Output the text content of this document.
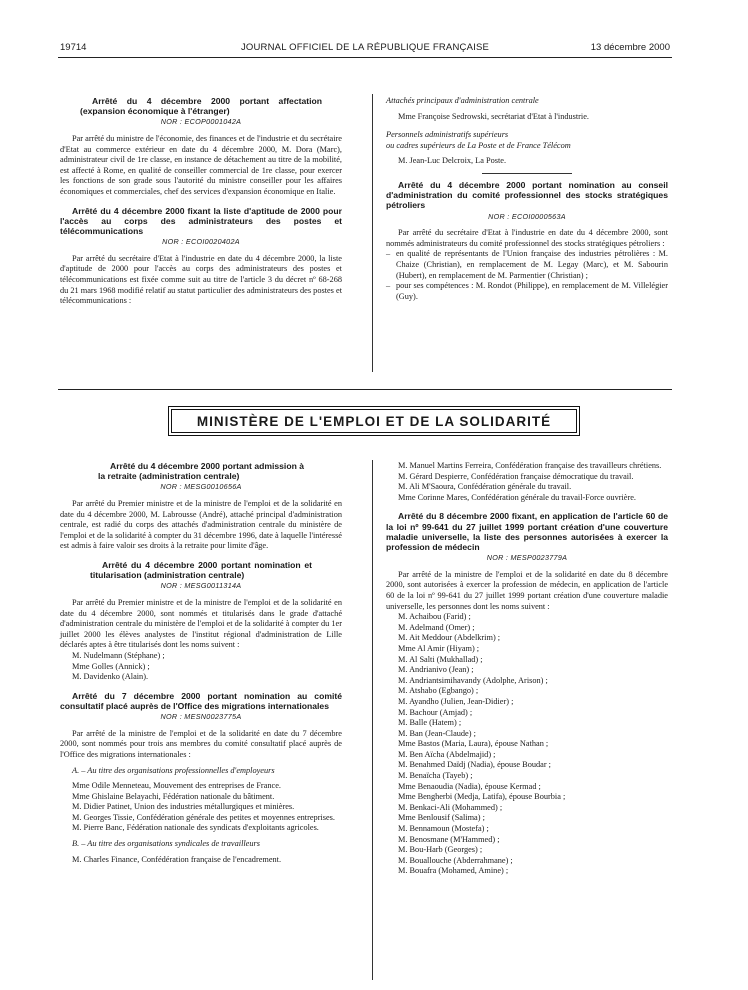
19714	JOURNAL OFFICIEL DE LA RÉPUBLIQUE FRANÇAISE	13 décembre 2000

Arrêté du 4 décembre 2000 portant affectation (expansion économique à l'étranger)

NOR : ECOP0001042A

Par arrêté du ministre de l'économie, des finances et de l'industrie et du secrétaire d'Etat au commerce extérieur en date du 4 décembre 2000, M. Dora (Marc), administrateur civil de 1re classe, en instance de détachement au titre de la mobilité, est affecté à Rome, en qualité de conseiller commercial de 1re classe, pour exercer les fonctions de son grade sous l'autorité du ministre conseiller pour les affaires économiques et commerciales, chef des services d'expansion économique en Italie.

Arrêté du 4 décembre 2000 fixant la liste d'aptitude de 2000 pour l'accès au corps des administrateurs des postes et télécommunications

NOR : ECOI0020402A

Par arrêté du secrétaire d'Etat à l'industrie en date du 4 décembre 2000, la liste d'aptitude de 2000 pour l'accès au corps des administrateurs des postes et télécommunications est fixée comme suit au titre de l'article 3 du décret nº 68-268 du 21 mars 1968 modifié relatif au statut particulier des administrateurs des postes et télécommunications :

Attachés principaux d'administration centrale

Mme Françoise Sedrowski, secrétariat d'Etat à l'industrie.

Personnels administratifs supérieurs

ou cadres supérieurs de La Poste et de France Télécom

M. Jean-Luc Delcroix, La Poste.

Arrêté du 4 décembre 2000 portant nomination au conseil d'administration du comité professionnel des stocks stratégiques pétroliers

NOR : ECOI0000563A

Par arrêté du secrétaire d'Etat à l'industrie en date du 4 décembre 2000, sont nommés administrateurs du comité professionnel des stocks stratégiques pétroliers :

– en qualité de représentants de l'Union française des industries pétrolières : M. Chaize (Christian), en remplacement de M. Legay (Marc), et M. Sabourin (Hubert), en remplacement de M. Parmentier (Christian) ;

– pour ses compétences : M. Rondot (Philippe), en remplacement de M. Villelégier (Guy).

MINISTÈRE DE L'EMPLOI ET DE LA SOLIDARITÉ

Arrêté du 4 décembre 2000 portant admission à la retraite (administration centrale)

NOR : MESG0010656A

Par arrêté du Premier ministre et de la ministre de l'emploi et de la solidarité en date du 4 décembre 2000, M. Labrousse (André), attaché principal d'administration centrale, est radié du corps des attachés d'administration centrale du ministère de l'emploi et de la solidarité à compter du 31 décembre 1996, date à laquelle l'intéressé est admis à faire valoir ses droits à la retraite pour limite d'âge.

Arrêté du 4 décembre 2000 portant nomination et titularisation (administration centrale)

NOR : MESG0011314A

Par arrêté du Premier ministre et de la ministre de l'emploi et de la solidarité en date du 4 décembre 2000, sont nommés et titularisés dans le grade d'attaché d'administration centrale du ministère de l'emploi et de la solidarité à compter du 1er juillet 2000 les élèves analystes de l'institut régional d'administration de Lille déclarés aptes à être titularisés dont les noms suivent :

M. Nudelmann (Stéphane) ;

Mme Golles (Annick) ;

M. Davidenko (Alain).

Arrêté du 7 décembre 2000 portant nomination au comité consultatif placé auprès de l'Office des migrations internationales

NOR : MESN0023775A

Par arrêté de la ministre de l'emploi et de la solidarité en date du 7 décembre 2000, sont nommés pour trois ans membres du comité consultatif placé auprès de l'Office des migrations internationales :

A. – Au titre des organisations professionnelles d'employeurs

Mme Odile Menneteau, Mouvement des entreprises de France.

Mme Ghislaine Belayachi, Fédération nationale du bâtiment.

M. Didier Patinet, Union des industries métallurgiques et minières.

M. Georges Tissie, Confédération générale des petites et moyennes entreprises.

M. Pierre Banc, Fédération nationale des syndicats d'exploitants agricoles.

B. – Au titre des organisations syndicales de travailleurs

M. Charles Finance, Confédération française de l'encadrement.

M. Manuel Martins Ferreira, Confédération française des travailleurs chrétiens.

M. Gérard Despierre, Confédération française démocratique du travail.

M. Ali M'Saoura, Confédération générale du travail.

Mme Corinne Mares, Confédération générale du travail-Force ouvrière.

Arrêté du 8 décembre 2000 fixant, en application de l'article 60 de la loi nº 99-641 du 27 juillet 1999 portant création d'une couverture maladie universelle, la liste des personnes autorisées à exercer la profession de médecin

NOR : MESP0023779A

Par arrêté de la ministre de l'emploi et de la solidarité en date du 8 décembre 2000, sont autorisées à exercer la profession de médecin, en application de l'article 60 de la loi nº 99-641 du 27 juillet 1999 portant création d'une couverture maladie universelle, les personnes dont les noms suivent :

M. Achaibou (Farid) ;

M. Adelmand (Omer) ;

M. Ait Meddour (Abdelkrim) ;

Mme Al Amir (Hiyam) ;

M. Al Salti (Mukhallad) ;

M. Andrianivo (Jean) ;

M. Andriantsimihavandy (Adolphe, Arison) ;

M. Atshabo (Egbango) ;

M. Ayandho (Julien, Jean-Didier) ;

M. Bachour (Amjad) ;

M. Balle (Hatem) ;

M. Ban (Jean-Claude) ;

Mme Bastos (Maria, Laura), épouse Nathan ;

M. Ben Aïcha (Abdelmajid) ;

M. Benahmed Daïdj (Nadia), épouse Boudar ;

M. Benaïcha (Tayeb) ;

Mme Benaoudia (Nadia), épouse Kermad ;

Mme Bengherbi (Medja, Latifa), épouse Bourbia ;

M. Benkaci-Ali (Mohammed) ;

Mme Benlousif (Salima) ;

M. Bennamoun (Mostefa) ;

M. Benosmane (M'Hammed) ;

M. Bou-Harb (Georges) ;

M. Bouallouche (Abderrahmane) ;

M. Bouafra (Mohamed, Amine) ;
